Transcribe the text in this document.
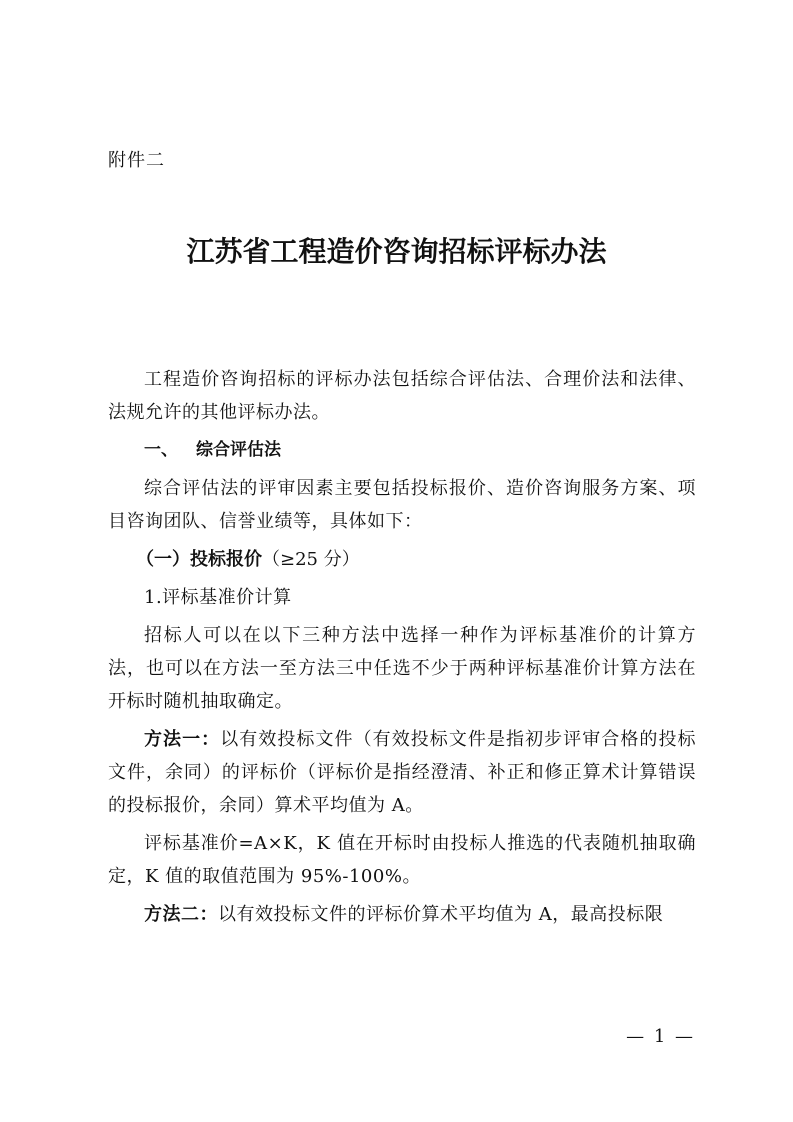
附件二
江苏省工程造价咨询招标评标办法

工程造价咨询招标的评标办法包括综合评估法、合理价法和法律、法规允许的其他评标办法。

一、 综合评估法

综合评估法的评审因素主要包括投标报价、造价咨询服务方案、项目咨询团队、信誉业绩等，具体如下：

（一）投标报价（≥25 分）

1.评标基准价计算

招标人可以在以下三种方法中选择一种作为评标基准价的计算方法，也可以在方法一至方法三中任选不少于两种评标基准价计算方法在开标时随机抽取确定。

方法一：以有效投标文件（有效投标文件是指初步评审合格的投标文件，余同）的评标价（评标价是指经澄清、补正和修正算术计算错误的投标报价，余同）算术平均值为 A。

评标基准价=A×K，K 值在开标时由投标人推选的代表随机抽取确定，K 值的取值范围为 95%-100%。

方法二：以有效投标文件的评标价算术平均值为 A，最高投标限

— 1 —
